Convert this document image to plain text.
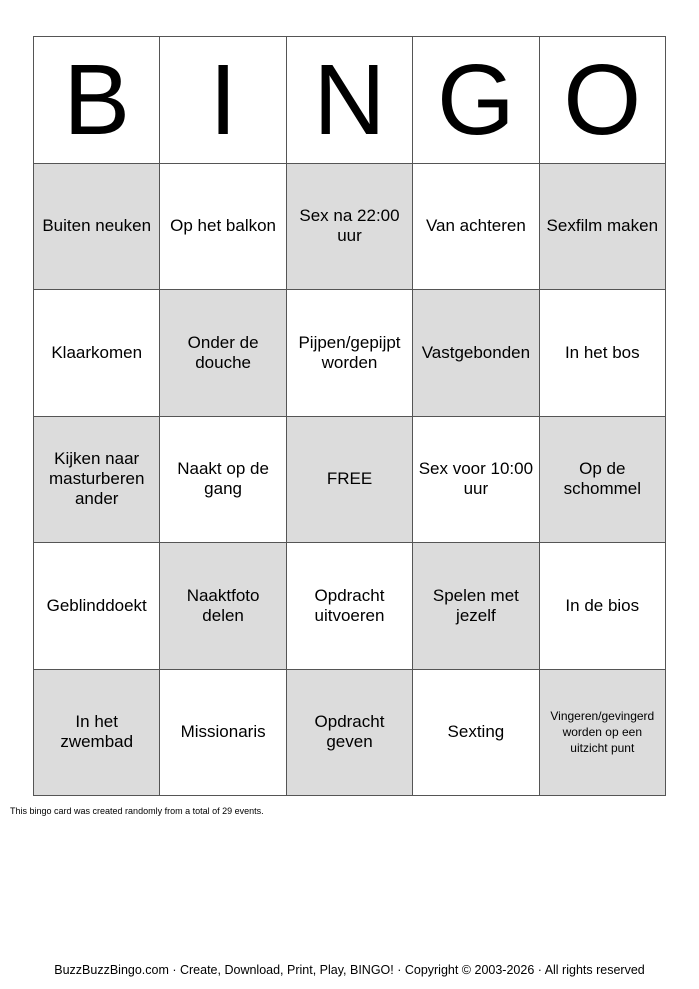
B I N G O
Buiten neuken	Op het balkon
Sex na 22:00 uur
Van achteren	Sexfilm maken
Klaarkomen
Onder de douche
Pijpen/gepijpt worden
Vastgebonden	In het bos
Kijken naar masturberen ander
Naakt op de gang
FREE
Sex voor 10:00 uur
Op de schommel
Geblinddoekt
Naaktfoto delen
Opdracht uitvoeren
Spelen met jezelf
In de bios
In het zwembad
Missionaris
Opdracht geven
Sexting
Vingeren/gevingerd worden op een uitzicht punt
This bingo card was created randomly from a total of 29 events.
BuzzBuzzBingo.com · Create, Download, Print, Play, BINGO! · Copyright © 2003-2026 · All rights reserved
